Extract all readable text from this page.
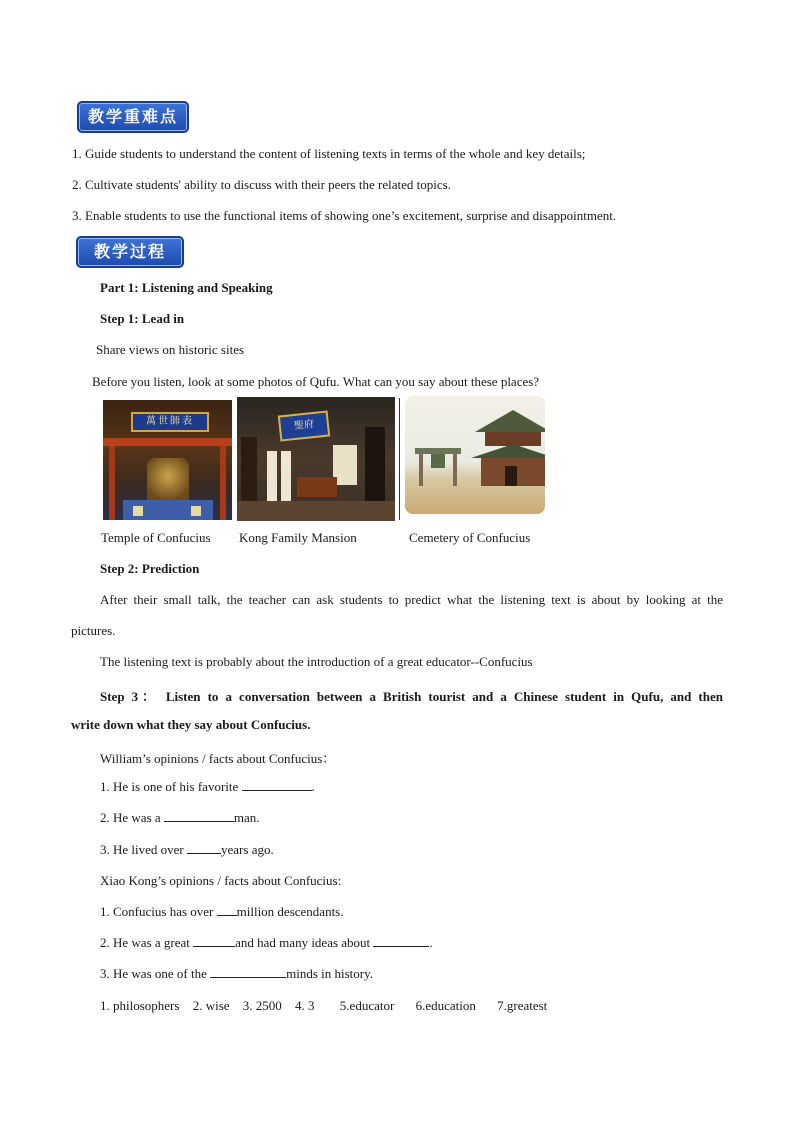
教学重难点
1. Guide students to understand the content of listening texts in terms of the whole and key details;
2. Cultivate students' ability to discuss with their peers the related topics.
3. Enable students to use the functional items of showing one’s excitement, surprise and disappointment.
教学过程
Part 1: Listening and Speaking
Step 1: Lead in
Share views on historic sites
Before you listen, look at some photos of Qufu. What can you say about these places?
萬世師表	聖府
Temple of Confucius Kong Family Mansion	Cemetery of Confucius
Step 2: Prediction
After their small talk, the teacher can ask students to predict what the listening text is about by looking at the
pictures.
The listening text is probably about the introduction of a great educator--Confucius
Step 3： Listen to a conversation between a British tourist and a Chinese student in Qufu, and then
write down what they say about Confucius.
William’s opinions / facts about Confucius：
1. He is one of his favorite	.
2. He was a	man.
3. He lived over	years ago.
Xiao Kong’s opinions / facts about Confucius:
1. Confucius has over million descendants.
2. He was a great	and had many ideas about	.
3. He was one of the	minds in history.
1. philosophers 2. wise 3. 2500 4. 3 5.educator 6.education 7.greatest
